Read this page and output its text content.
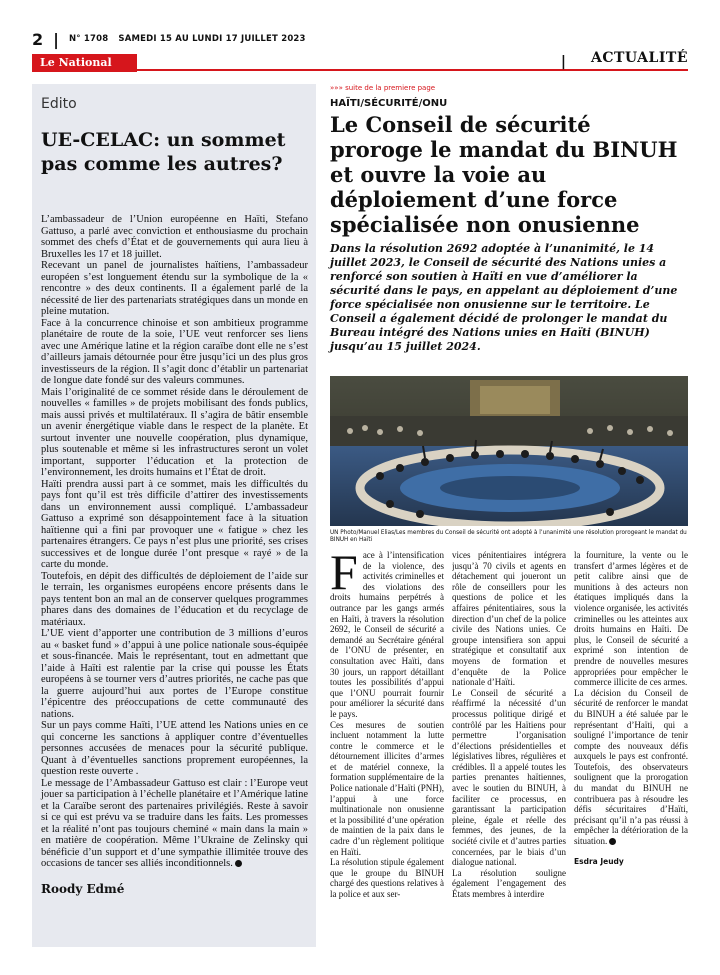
2 | N° 1708 SAMEDI 15 AU LUNDI 17 JUILLET 2023
Le National	| ACTUALITÉ
Edito
UE-CELAC: un sommet pas comme les autres?

L’ambassadeur de l’Union européenne en Haïti, Stefano Gattuso, a parlé avec conviction et enthousiasme du prochain sommet des chefs d’État et de gouvernements qui aura lieu à Bruxelles les 17 et 18 juillet.

Recevant un panel de journalistes haïtiens, l’ambassadeur européen s’est longuement étendu sur la symbolique de la « rencontre » des deux continents. Il a également parlé de la nécessité de lier des partenariats stratégiques dans un monde en pleine mutation.

Face à la concurrence chinoise et son ambitieux programme planétaire de route de la soie, l’UE veut renforcer ses liens avec une Amérique latine et la région caraïbe dont elle ne s’est d’ailleurs jamais détournée pour être jusqu’ici un des plus gros investisseurs de la région. Il s’agit donc d’établir un partenariat de longue date fondé sur des valeurs communes.

Mais l’originalité de ce sommet réside dans le déroulement de nouvelles « familles » de projets mobilisant des fonds publics, mais aussi privés et multilatéraux. Il s’agira de bâtir ensemble un avenir énergétique viable dans le respect de la planète. Et surtout inventer une nouvelle coopération, plus dynamique, plus soutenable et même si les infrastructures seront un volet important, supporter l’éducation et la protection de l’environnement, les droits humains et l’État de droit.

Haïti prendra aussi part à ce sommet, mais les difficultés du pays font qu’il est très difficile d’attirer des investissements dans un environnement aussi compliqué. L’ambassadeur Gattuso a exprimé son désappointement face à la situation haïtienne qui a fini par provoquer une « fatigue » chez les partenaires étrangers. Ce pays n’est plus une priorité, ses crises successives et de longue durée l’ont presque « rayé » de la carte du monde.

Toutefois, en dépit des difficultés de déploiement de l’aide sur le terrain, les organismes européens encore présents dans le pays tentent bon an mal an de conserver quelques programmes phares dans des domaines de l’éducation et du recyclage de matériaux.

L’UE vient d’apporter une contribution de 3 millions d’euros au « basket fund » d’appui à une police nationale sous-équipée et sous-financée. Mais le représentant, tout en admettant que l’aide à Haïti est ralentie par la crise qui pousse les États européens à se tourner vers d’autres priorités, ne cache pas que la guerre aujourd’hui aux portes de l’Europe constitue l’épicentre des préoccupations de cette communauté des nations.

Sur un pays comme Haïti, l’UE attend les Nations unies en ce qui concerne les sanctions à appliquer contre d’éventuelles personnes accusées de menaces pour la sécurité publique. Quant à d’éventuelles sanctions proprement européennes, la question reste ouverte .

Le message de l’Ambassadeur Gattuso est clair : l’Europe veut jouer sa participation à l’échelle planétaire et l’Amérique latine et la Caraïbe seront des partenaires privilégiés. Reste à savoir si ce qui est prévu va se traduire dans les faits. Les promesses et la réalité n’ont pas toujours cheminé « main dans la main » en matière de coopération. Même l’Ukraine de Zelinsky qui bénéficie d’un support et d’une sympathie illimitée trouve des occasions de tancer ses alliés inconditionnels.

Roody Edmé
»»» suite de la premiere page
HAÏTI/SÉCURITÉ/ONU
Le Conseil de sécurité proroge le mandat du BINUH et ouvre la voie au déploiement d’une force spécialisée non onusienne
Dans la résolution 2692 adoptée à l’unanimité, le 14 juillet 2023, le Conseil de sécurité des Nations unies a renforcé son soutien à Haïti en vue d’améliorer la sécurité dans le pays, en appelant au déploiement d’une force spécialisée non onusienne sur le territoire. Le Conseil a également décidé de prolonger le mandat du Bureau intégré des Nations unies en Haïti (BINUH) jusqu’au 15 juillet 2024.
UN Photo/Manuel Elias/Les membres du Conseil de sécurité ont adopté à l’unanimité une résolution prorogeant le mandat du BINUH en Haïti
F ace à l’intensification de la violence, des activités criminelles et des violations des droits humains perpétrés à outrance par les gangs armés en Haïti, à travers la résolution 2692, le Conseil de sécurité a demandé au Secrétaire général de l’ONU de présenter, en consultation avec Haïti, dans 30 jours, un rapport détaillant toutes les possibilités d’appui que l’ONU pourrait fournir pour améliorer la sécurité dans le pays.

Ces mesures de soutien incluent notamment la lutte contre le commerce et le détournement illicites d’armes et de matériel connexe, la formation supplémentaire de la Police nationale d’Haïti (PNH), l’appui à une force multinationale non onusienne et la possibilité d’une opération de maintien de la paix dans le cadre d’un règlement politique en Haïti.

La résolution stipule également que le groupe du BINUH chargé des questions relatives à la police et aux ser-

vices pénitentiaires intégrera jusqu’à 70 civils et agents en détachement qui joueront un rôle de conseillers pour les questions de police et les affaires pénitentiaires, sous la direction d’un chef de la police civile des Nations unies. Ce groupe intensifiera son appui stratégique et consultatif aux moyens de formation et d’enquête de la Police nationale d’Haïti.

Le Conseil de sécurité a réaffirmé la nécessité d’un processus politique dirigé et contrôlé par les Haïtiens pour permettre l’organisation d’élections présidentielles et législatives libres, régulières et crédibles. Il a appelé toutes les parties prenantes haïtiennes, avec le soutien du BINUH, à faciliter ce processus, en garantissant la participation pleine, égale et réelle des femmes, des jeunes, de la société civile et d’autres parties concernées, par le biais d’un dialogue national.

La résolution souligne également l’engagement des États membres à interdire

la fourniture, la vente ou le transfert d’armes légères et de petit calibre ainsi que de munitions à des acteurs non étatiques impliqués dans la violence organisée, les activités criminelles ou les atteintes aux droits humains en Haïti. De plus, le Conseil de sécurité a exprimé son intention de prendre de nouvelles mesures appropriées pour empêcher le commerce illicite de ces armes.

La décision du Conseil de sécurité de renforcer le mandat du BINUH a été saluée par le représentant d’Haïti, qui a souligné l’importance de tenir compte des nouveaux défis auxquels le pays est confronté. Toutefois, des observateurs soulignent que la prorogation du mandat du BINUH ne contribuera pas à résoudre les défis sécuritaires d’Haïti, précisant qu’il n’a pas réussi à empêcher la détérioration de la situation.

Esdra Jeudy
